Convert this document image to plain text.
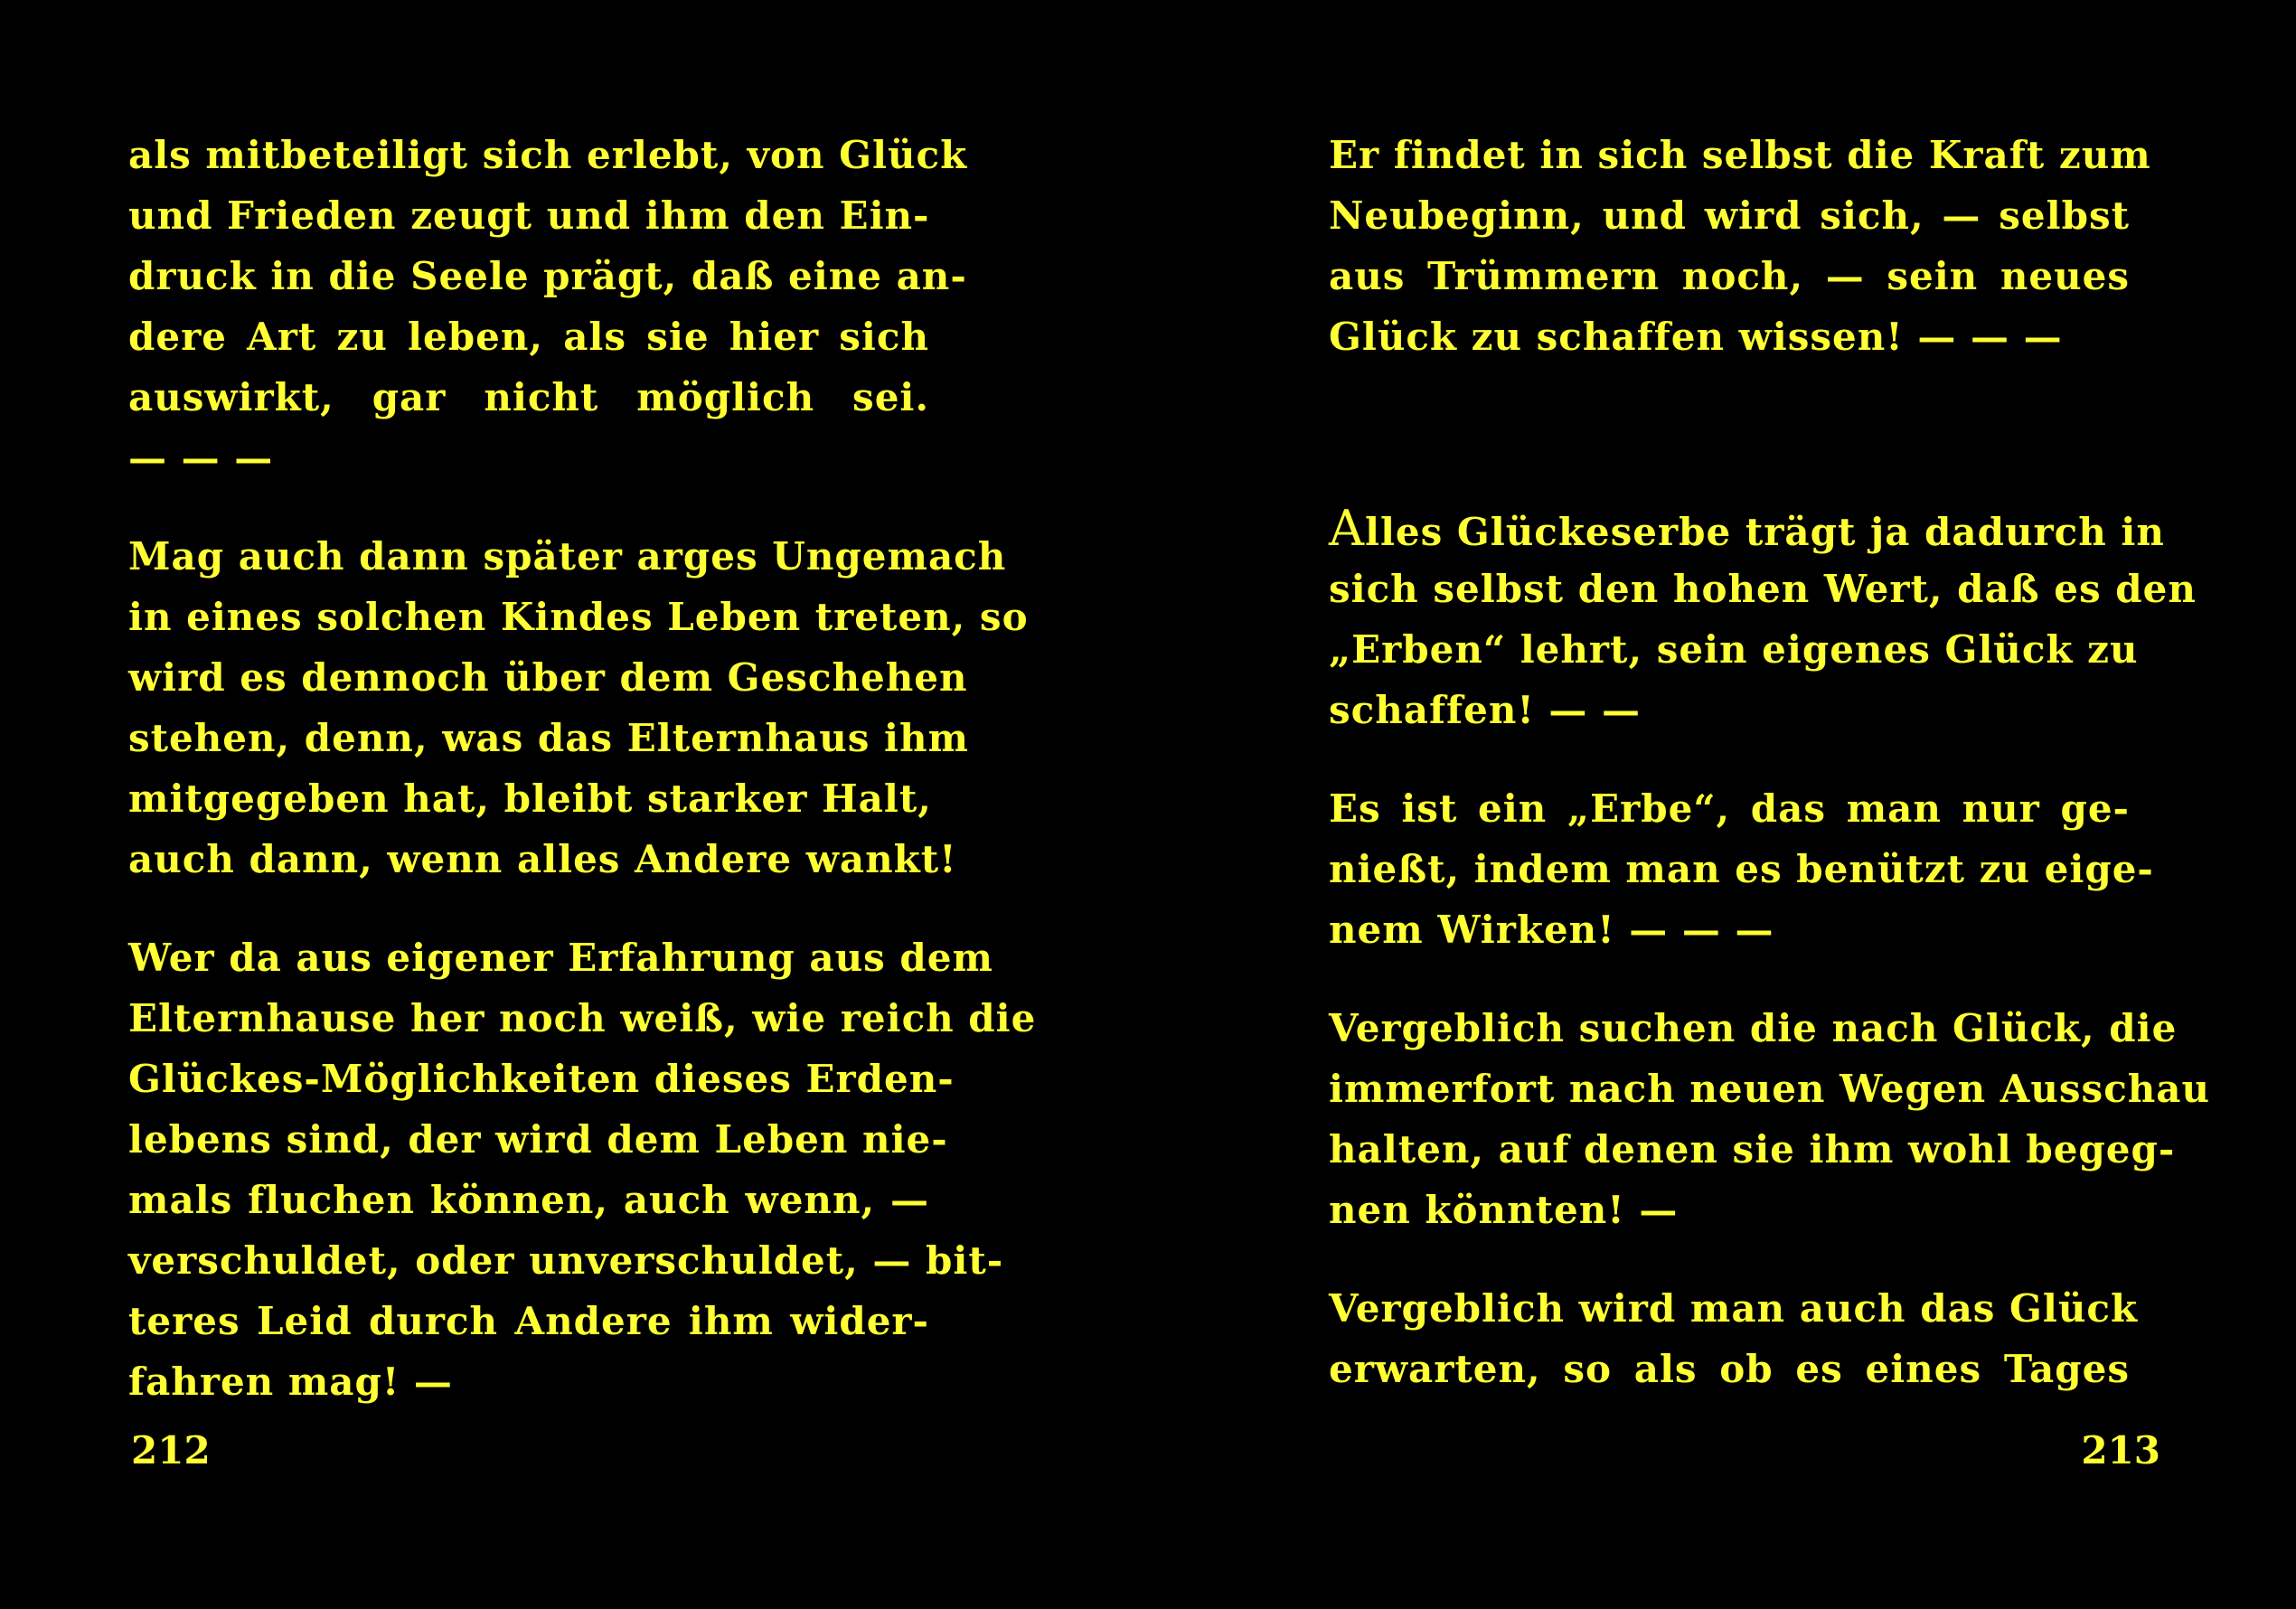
als mitbeteiligt sich erlebt, von Glück
und Frieden zeugt und ihm den Ein-
druck in die Seele prägt, daß eine an-
dere Art zu leben, als sie hier sich
auswirkt, gar nicht möglich sei.
— — —
Mag auch dann später arges Ungemach
in eines solchen Kindes Leben treten, so
wird es dennoch über dem Geschehen
stehen, denn, was das Elternhaus ihm
mitgegeben hat, bleibt starker Halt,
auch dann, wenn alles Andere wankt!
Wer da aus eigener Erfahrung aus dem
Elternhause her noch weiß, wie reich die
Glückes-Möglichkeiten dieses Erden-
lebens sind, der wird dem Leben nie-
mals fluchen können, auch wenn, —
verschuldet, oder unverschuldet, — bit-
teres Leid durch Andere ihm wider-
fahren mag! —
212
Er findet in sich selbst die Kraft zum
Neubeginn, und wird sich, — selbst
aus Trümmern noch, — sein neues
Glück zu schaffen wissen! — — —
Alles Glückeserbe trägt ja dadurch in
sich selbst den hohen Wert, daß es den
„Erben“ lehrt, sein eigenes Glück zu
schaffen! — —
Es ist ein „Erbe“, das man nur ge-
nießt, indem man es benützt zu eige-
nem Wirken! — — —
Vergeblich suchen die nach Glück, die
immerfort nach neuen Wegen Ausschau
halten, auf denen sie ihm wohl begeg-
nen könnten! —
Vergeblich wird man auch das Glück
erwarten, so als ob es eines Tages
213
